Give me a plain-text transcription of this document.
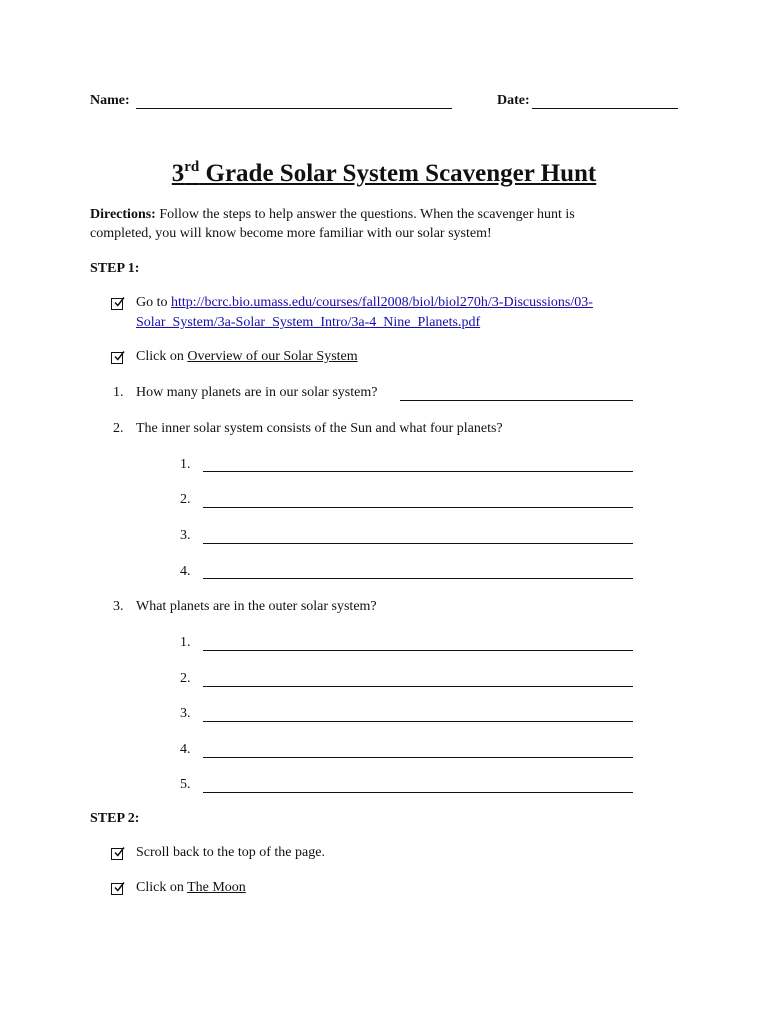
Name:	Date:
3rd Grade Solar System Scavenger Hunt
Directions: Follow the steps to help answer the questions. When the scavenger hunt is completed, you will know become more familiar with our solar system!
STEP 1:
Go to http://bcrc.bio.umass.edu/courses/fall2008/biol/biol270h/3-Discussions/03-
Solar_System/3a-Solar_System_Intro/3a-4_Nine_Planets.pdf
Click on Overview of our Solar System
1. How many planets are in our solar system?
2. The inner solar system consists of the Sun and what four planets?
1.
2.
3.
4.
3. What planets are in the outer solar system?
1.
2.
3.
4.
5.
STEP 2:
Scroll back to the top of the page.
Click on The Moon
